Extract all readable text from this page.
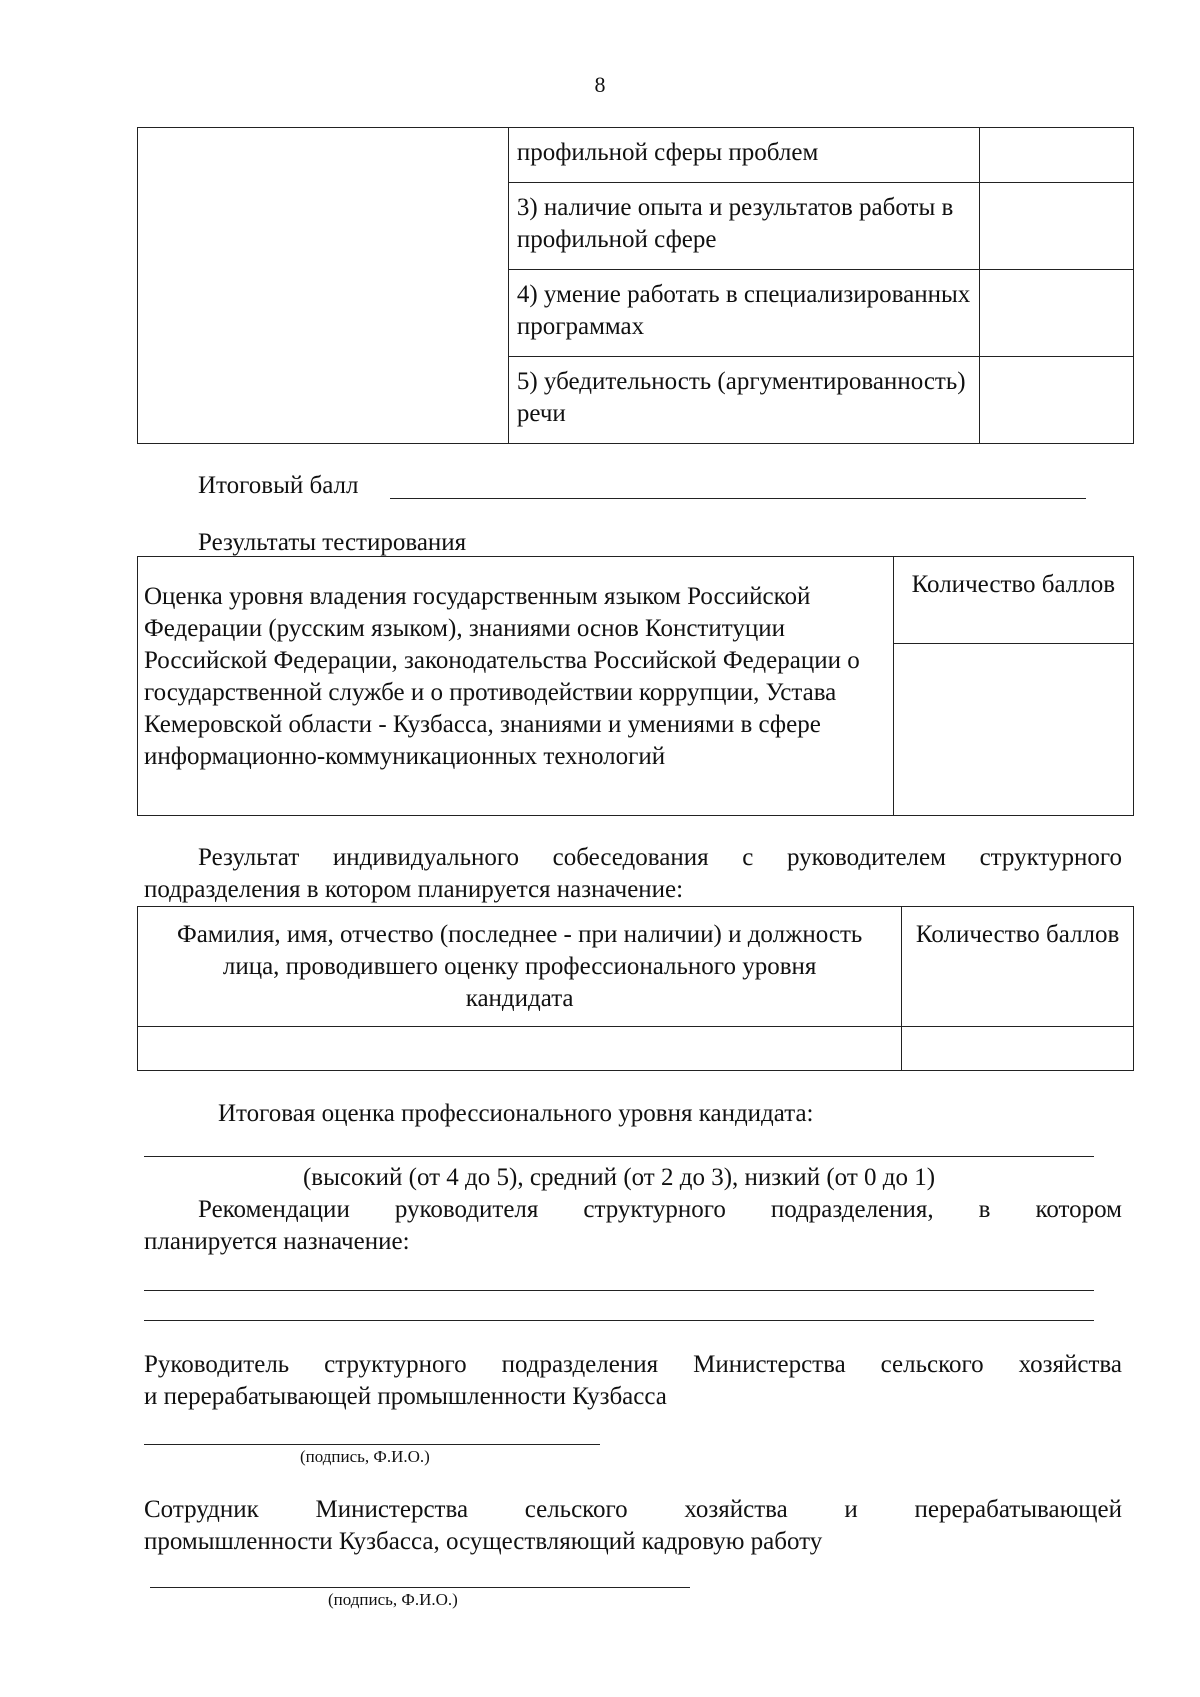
8
	профильной сферы проблем	
	3) наличие опыта и результатов работы в профильной сфере	
	4) умение работать в специализированных программах	
	5) убедительность (аргументированность) речи	
Итоговый балл
Результаты тестирования
Оценка уровня владения государственным языком Российской Федерации (русским языком), знаниями основ Конституции Российской Федерации, законодательства Российской Федерации о государственной службе и о противодействии коррупции, Устава Кемеровской области - Кузбасса, знаниями и умениями в сфере информационно-коммуникационных технологий	Количество баллов

Результат индивидуального собеседования с руководителем структурного
подразделения в котором планируется назначение:
Фамилия, имя, отчество (последнее - при наличии) и должность лица, проводившего оценку профессионального уровня кандидата	Количество баллов

Итоговая оценка профессионального уровня кандидата:
(высокий (от 4 до 5), средний (от 2 до 3), низкий (от 0 до 1)
Рекомендации руководителя структурного подразделения, в котором
планируется назначение:
Руководитель структурного подразделения Министерства сельского хозяйства
и перерабатывающей промышленности Кузбасса
(подпись, Ф.И.О.)
Сотрудник Министерства сельского хозяйства и перерабатывающей
промышленности Кузбасса, осуществляющий кадровую работу
(подпись, Ф.И.О.)
